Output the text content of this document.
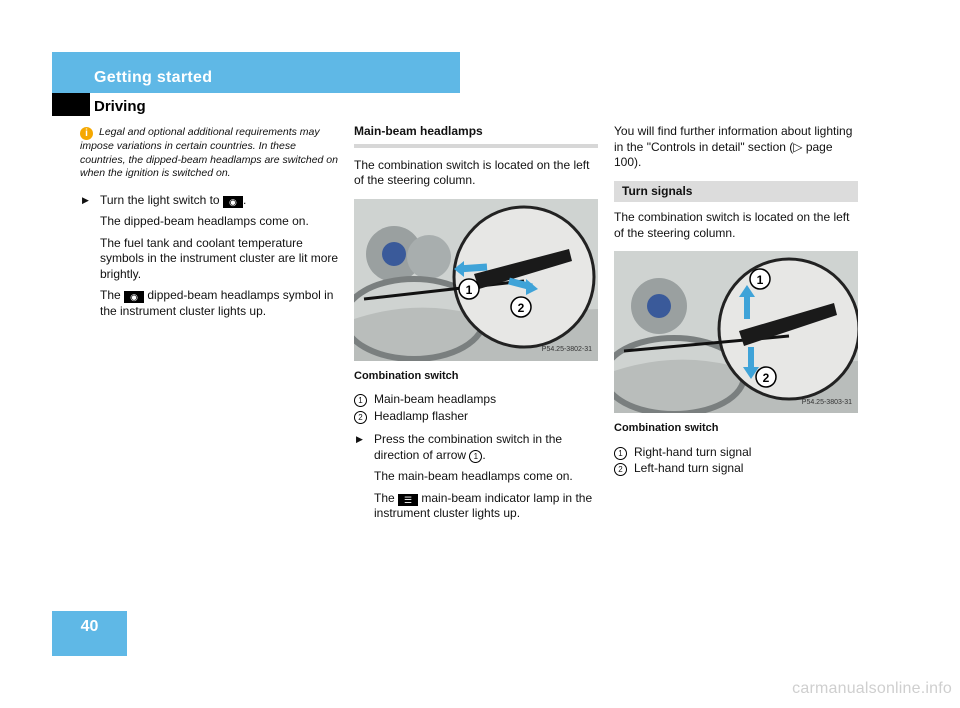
Getting started
Driving

i Legal and optional additional requirements may impose variations in certain countries. In these countries, the dipped-beam headlamps are switched on when the ignition is switched on.

▶ Turn the light switch to ◉ .

The dipped-beam headlamps come on.

The fuel tank and coolant temperature symbols in the instrument cluster are lit more brightly.

The ◉ dipped-beam headlamps symbol in the instrument cluster lights up.

Main-beam headlamps

The combination switch is located on the left of the steering column.

1
2
P54.25-3802-31
Combination switch

1 Main-beam headlamps

2 Headlamp flasher

▶ Press the combination switch in the direction of arrow 1 .

The main-beam headlamps come on.

The ☰ main-beam indicator lamp in the instrument cluster lights up.

You will find further information about lighting in the "Controls in detail" section (▷ page 100).

Turn signals

The combination switch is located on the left of the steering column.

1
2
P54.25-3803-31
Combination switch

1 Right-hand turn signal

2 Left-hand turn signal

40
carmanualsonline.info
